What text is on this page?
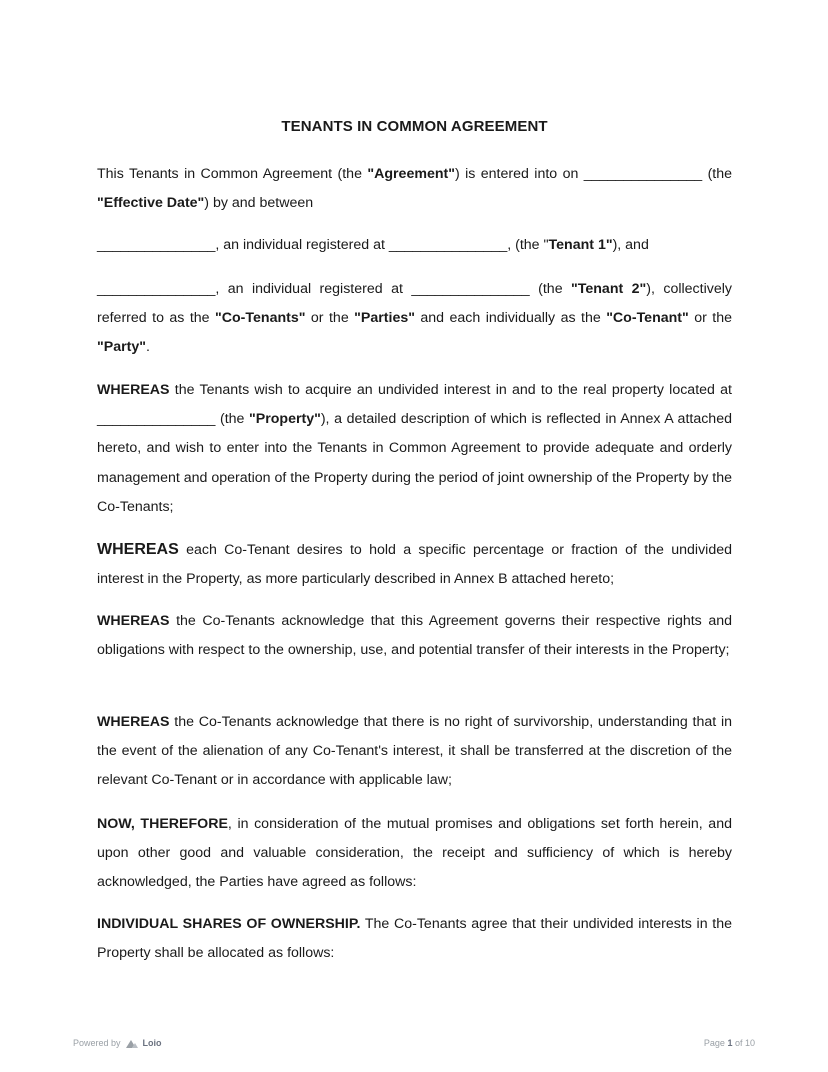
TENANTS IN COMMON AGREEMENT

This Tenants in Common Agreement (the "Agreement") is entered into on _______________ (the "Effective Date") by and between

_______________, an individual registered at _______________, (the "Tenant 1"), and

_______________, an individual registered at _______________ (the "Tenant 2"), collectively referred to as the "Co-Tenants" or the "Parties" and each individually as the "Co-Tenant" or the "Party".

WHEREAS the Tenants wish to acquire an undivided interest in and to the real property located at _______________ (the "Property"), a detailed description of which is reflected in Annex A attached hereto, and wish to enter into the Tenants in Common Agreement to provide adequate and orderly management and operation of the Property during the period of joint ownership of the Property by the Co-Tenants;

WHEREAS each Co-Tenant desires to hold a specific percentage or fraction of the undivided interest in the Property, as more particularly described in Annex B attached hereto;

WHEREAS the Co-Tenants acknowledge that this Agreement governs their respective rights and obligations with respect to the ownership, use, and potential transfer of their interests in the Property;

WHEREAS the Co-Tenants acknowledge that there is no right of survivorship, understanding that in the event of the alienation of any Co-Tenant's interest, it shall be transferred at the discretion of the relevant Co-Tenant or in accordance with applicable law;

NOW, THEREFORE, in consideration of the mutual promises and obligations set forth herein, and upon other good and valuable consideration, the receipt and sufficiency of which is hereby acknowledged, the Parties have agreed as follows:

INDIVIDUAL SHARES OF OWNERSHIP. The Co-Tenants agree that their undivided interests in the Property shall be allocated as follows:

Powered by Loio	Page 1 of 10
